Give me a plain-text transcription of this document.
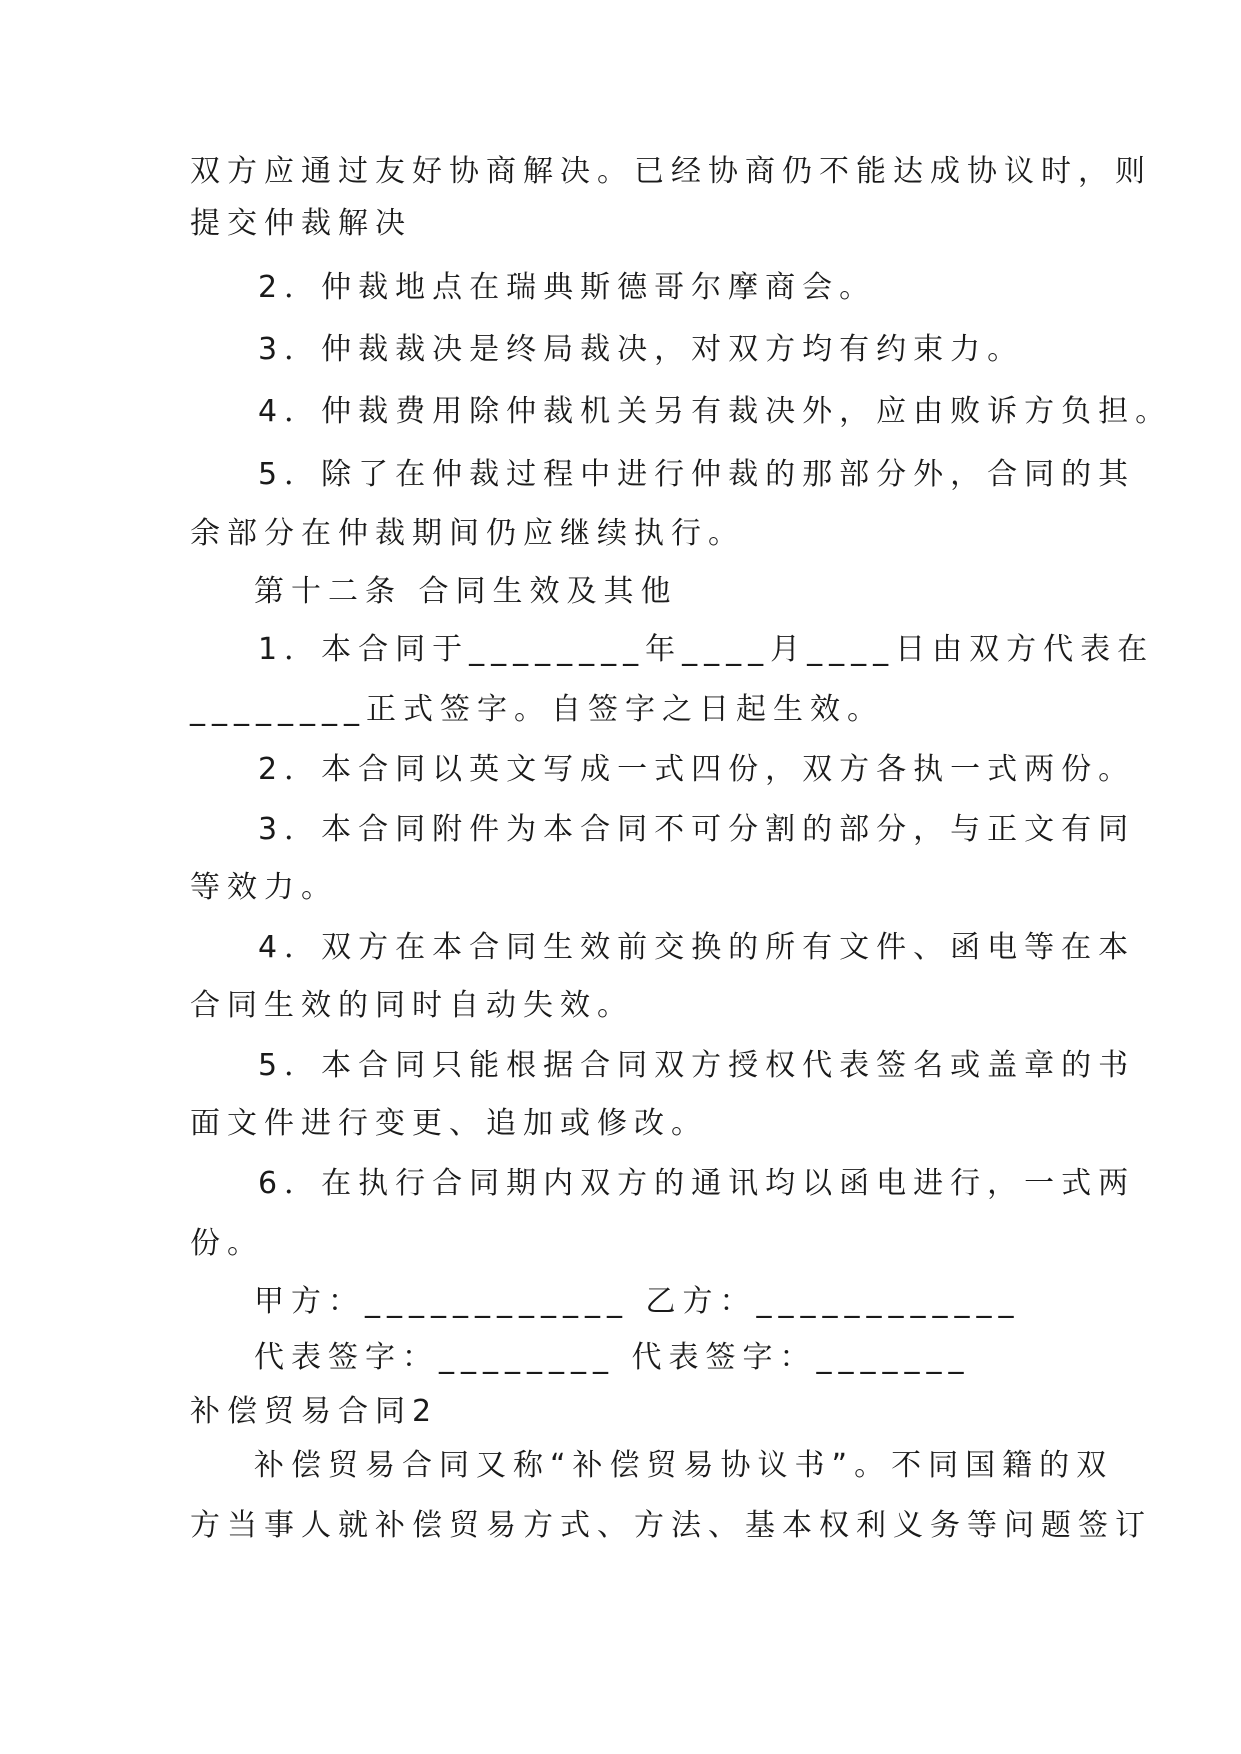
双方应通过友好协商解决。已经协商仍不能达成协议时，则
提交仲裁解决
2．仲裁地点在瑞典斯德哥尔摩商会。
3．仲裁裁决是终局裁决，对双方均有约束力。
4．仲裁费用除仲裁机关另有裁决外，应由败诉方负担。
5．除了在仲裁过程中进行仲裁的那部分外，合同的其
余部分在仲裁期间仍应继续执行。
第十二条 合同生效及其他
1．本合同于________年____月____日由双方代表在
________正式签字。自签字之日起生效。
2．本合同以英文写成一式四份，双方各执一式两份。
3．本合同附件为本合同不可分割的部分，与正文有同
等效力。
4．双方在本合同生效前交换的所有文件、函电等在本
合同生效的同时自动失效。
5．本合同只能根据合同双方授权代表签名或盖章的书
面文件进行变更、追加或修改。
6．在执行合同期内双方的通讯均以函电进行，一式两
份。
甲方：____________ 乙方：____________
代表签字：________ 代表签字：_______
补偿贸易合同2
补偿贸易合同又称“补偿贸易协议书”。不同国籍的双
方当事人就补偿贸易方式、方法、基本权利义务等问题签订
